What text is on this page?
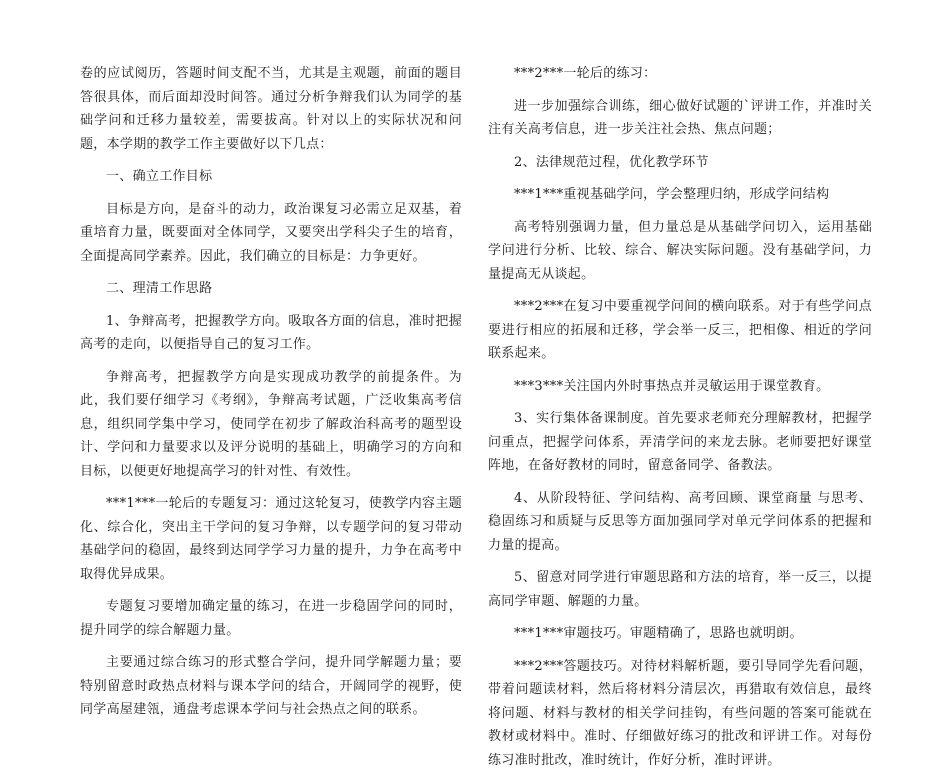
卷的应试阅历，答题时间支配不当，尤其是主观题，前面的题目答很具体，而后面却没时间答。通过分析争辩我们认为同学的基础学问和迁移力量较差，需要拔高。针对以上的实际状况和问题，本学期的教学工作主要做好以下几点：

一、确立工作目标

目标是方向，是奋斗的动力，政治课复习必需立足双基，着重培育力量，既要面对全体同学，又要突出学科尖子生的培育，全面提高同学素养。因此，我们确立的目标是：力争更好。

二、理清工作思路

1、争辩高考，把握教学方向。吸取各方面的信息，准时把握高考的走向，以便指导自己的复习工作。

争辩高考，把握教学方向是实现成功教学的前提条件。为此，我们要仔细学习《考纲》，争辩高考试题，广泛收集高考信息，组织同学集中学习，使同学在初步了解政治科高考的题型设计、学问和力量要求以及评分说明的基础上，明确学习的方向和目标，以便更好地提高学习的针对性、有效性。

***1***一轮后的专题复习：通过这轮复习，使教学内容主题化、综合化，突出主干学问的复习争辩，以专题学问的复习带动基础学问的稳固，最终到达同学学习力量的提升，力争在高考中取得优异成果。

专题复习要增加确定量的练习，在进一步稳固学问的同时，提升同学的综合解题力量。

主要通过综合练习的形式整合学问，提升同学解题力量；要特别留意时政热点材料与课本学问的结合，开阔同学的视野，使同学高屋建瓴，通盘考虑课本学问与社会热点之间的联系。

***2***一轮后的练习：

进一步加强综合训练，细心做好试题的`评讲工作，并准时关注有关高考信息，进一步关注社会热、焦点问题；

2、法律规范过程，优化教学环节

***1***重视基础学问，学会整理归纳，形成学问结构

高考特别强调力量，但力量总是从基础学问切入，运用基础学问进行分析、比较、综合、解决实际问题。没有基础学问，力量提高无从谈起。

***2***在复习中要重视学问间的横向联系。对于有些学问点要进行相应的拓展和迁移，学会举一反三，把相像、相近的学问联系起来。

***3***关注国内外时事热点并灵敏运用于课堂教育。

3、实行集体备课制度。首先要求老师充分理解教材，把握学问重点，把握学问体系，弄清学问的来龙去脉。老师要把好课堂阵地，在备好教材的同时，留意备同学、备教法。

4、从阶段特征、学问结构、高考回顾、课堂商量 与思考、稳固练习和质疑与反思等方面加强同学对单元学问体系的把握和力量的提高。

5、留意对同学进行审题思路和方法的培育，举一反三，以提高同学审题、解题的力量。

***1***审题技巧。审题精确了，思路也就明朗。

***2***答题技巧。对待材料解析题，要引导同学先看问题，带着问题读材料，然后将材料分清层次，再猎取有效信息，最终将问题、材料与教材的相关学问挂钩，有些问题的答案可能就在教材或材料中。准时、仔细做好练习的批改和评讲工作。对每份练习准时批改，准时统计，作好分析，准时评讲。
